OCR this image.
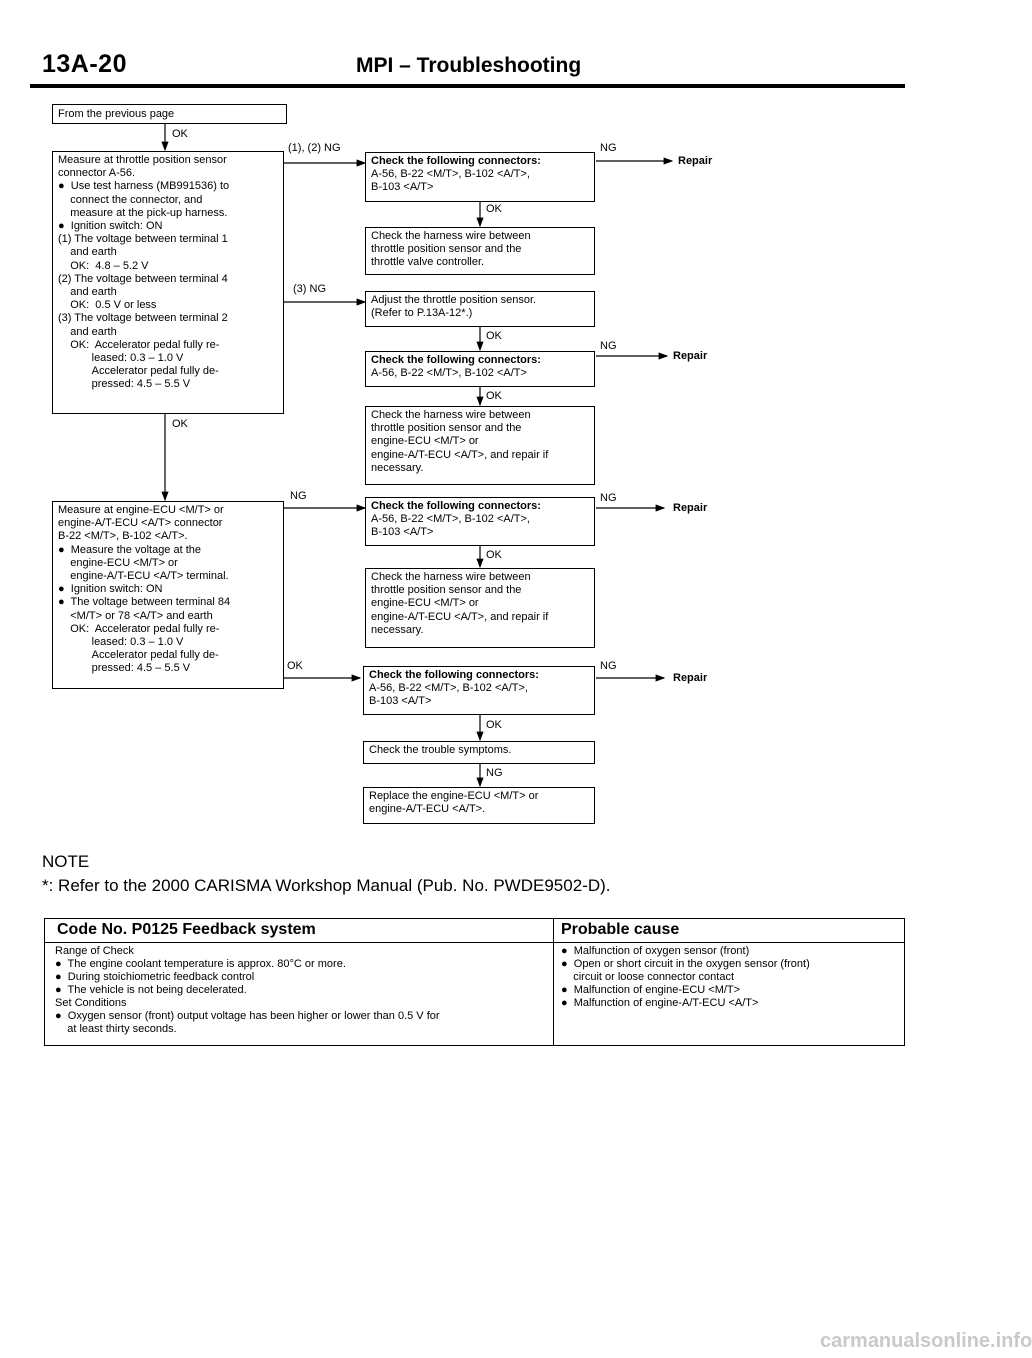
13A-20	MPI – Troubleshooting
From the previous page
OK
Measure at throttle position sensor
connector A-56.
●  Use test harness (MB991536) to
connect the connector, and
measure at the pick-up harness.
●  Ignition switch: ON
(1) The voltage between terminal 1
and earth
OK:  4.8 – 5.2 V
(2) The voltage between terminal 4
and earth
OK:  0.5 V or less
(3) The voltage between terminal 2
and earth
OK:  Accelerator pedal fully re-
leased: 0.3 – 1.0 V
Accelerator pedal fully de-
pressed: 4.5 – 5.5 V
(1), (2) NG
(3) NG
OK
Check the following connectors:
A-56, B-22 <M/T>, B-102 <A/T>,
B-103 <A/T>
NG
Repair
OK
Check the harness wire between
throttle position sensor and the
throttle valve controller.
Adjust the throttle position sensor.
(Refer to P.13A-12*.)
OK
Check the following connectors:
A-56, B-22 <M/T>, B-102 <A/T>
NG
Repair
OK
Check the harness wire between
throttle position sensor and the
engine-ECU <M/T> or
engine-A/T-ECU <A/T>, and repair if
necessary.
Measure at engine-ECU <M/T> or
engine-A/T-ECU <A/T> connector
B-22 <M/T>, B-102 <A/T>.
●  Measure the voltage at the
engine-ECU <M/T> or
engine-A/T-ECU <A/T> terminal.
●  Ignition switch: ON
●  The voltage between terminal 84
<M/T> or 78 <A/T> and earth
OK:  Accelerator pedal fully re-
leased: 0.3 – 1.0 V
Accelerator pedal fully de-
pressed: 4.5 – 5.5 V
NG
OK
Check the following connectors:
A-56, B-22 <M/T>, B-102 <A/T>,
B-103 <A/T>
NG
Repair
OK
Check the harness wire between
throttle position sensor and the
engine-ECU <M/T> or
engine-A/T-ECU <A/T>, and repair if
necessary.
Check the following connectors:
A-56, B-22 <M/T>, B-102 <A/T>,
B-103 <A/T>
NG
Repair
OK
Check the trouble symptoms.
NG
Replace the engine-ECU <M/T> or
engine-A/T-ECU <A/T>.
NOTE
*: Refer to the 2000 CARISMA Workshop Manual (Pub. No. PWDE9502-D).
Code No. P0125 Feedback system	Probable cause
Range of Check
●  The engine coolant temperature is approx. 80°C or more.
●  During stoichiometric feedback control
●  The vehicle is not being decelerated.
Set Conditions
●  Oxygen sensor (front) output voltage has been higher or lower than 0.5 V for
at least thirty seconds.
●  Malfunction of oxygen sensor (front)
●  Open or short circuit in the oxygen sensor (front)
circuit or loose connector contact
●  Malfunction of engine-ECU <M/T>
●  Malfunction of engine-A/T-ECU <A/T>
carmanualsonline.info
